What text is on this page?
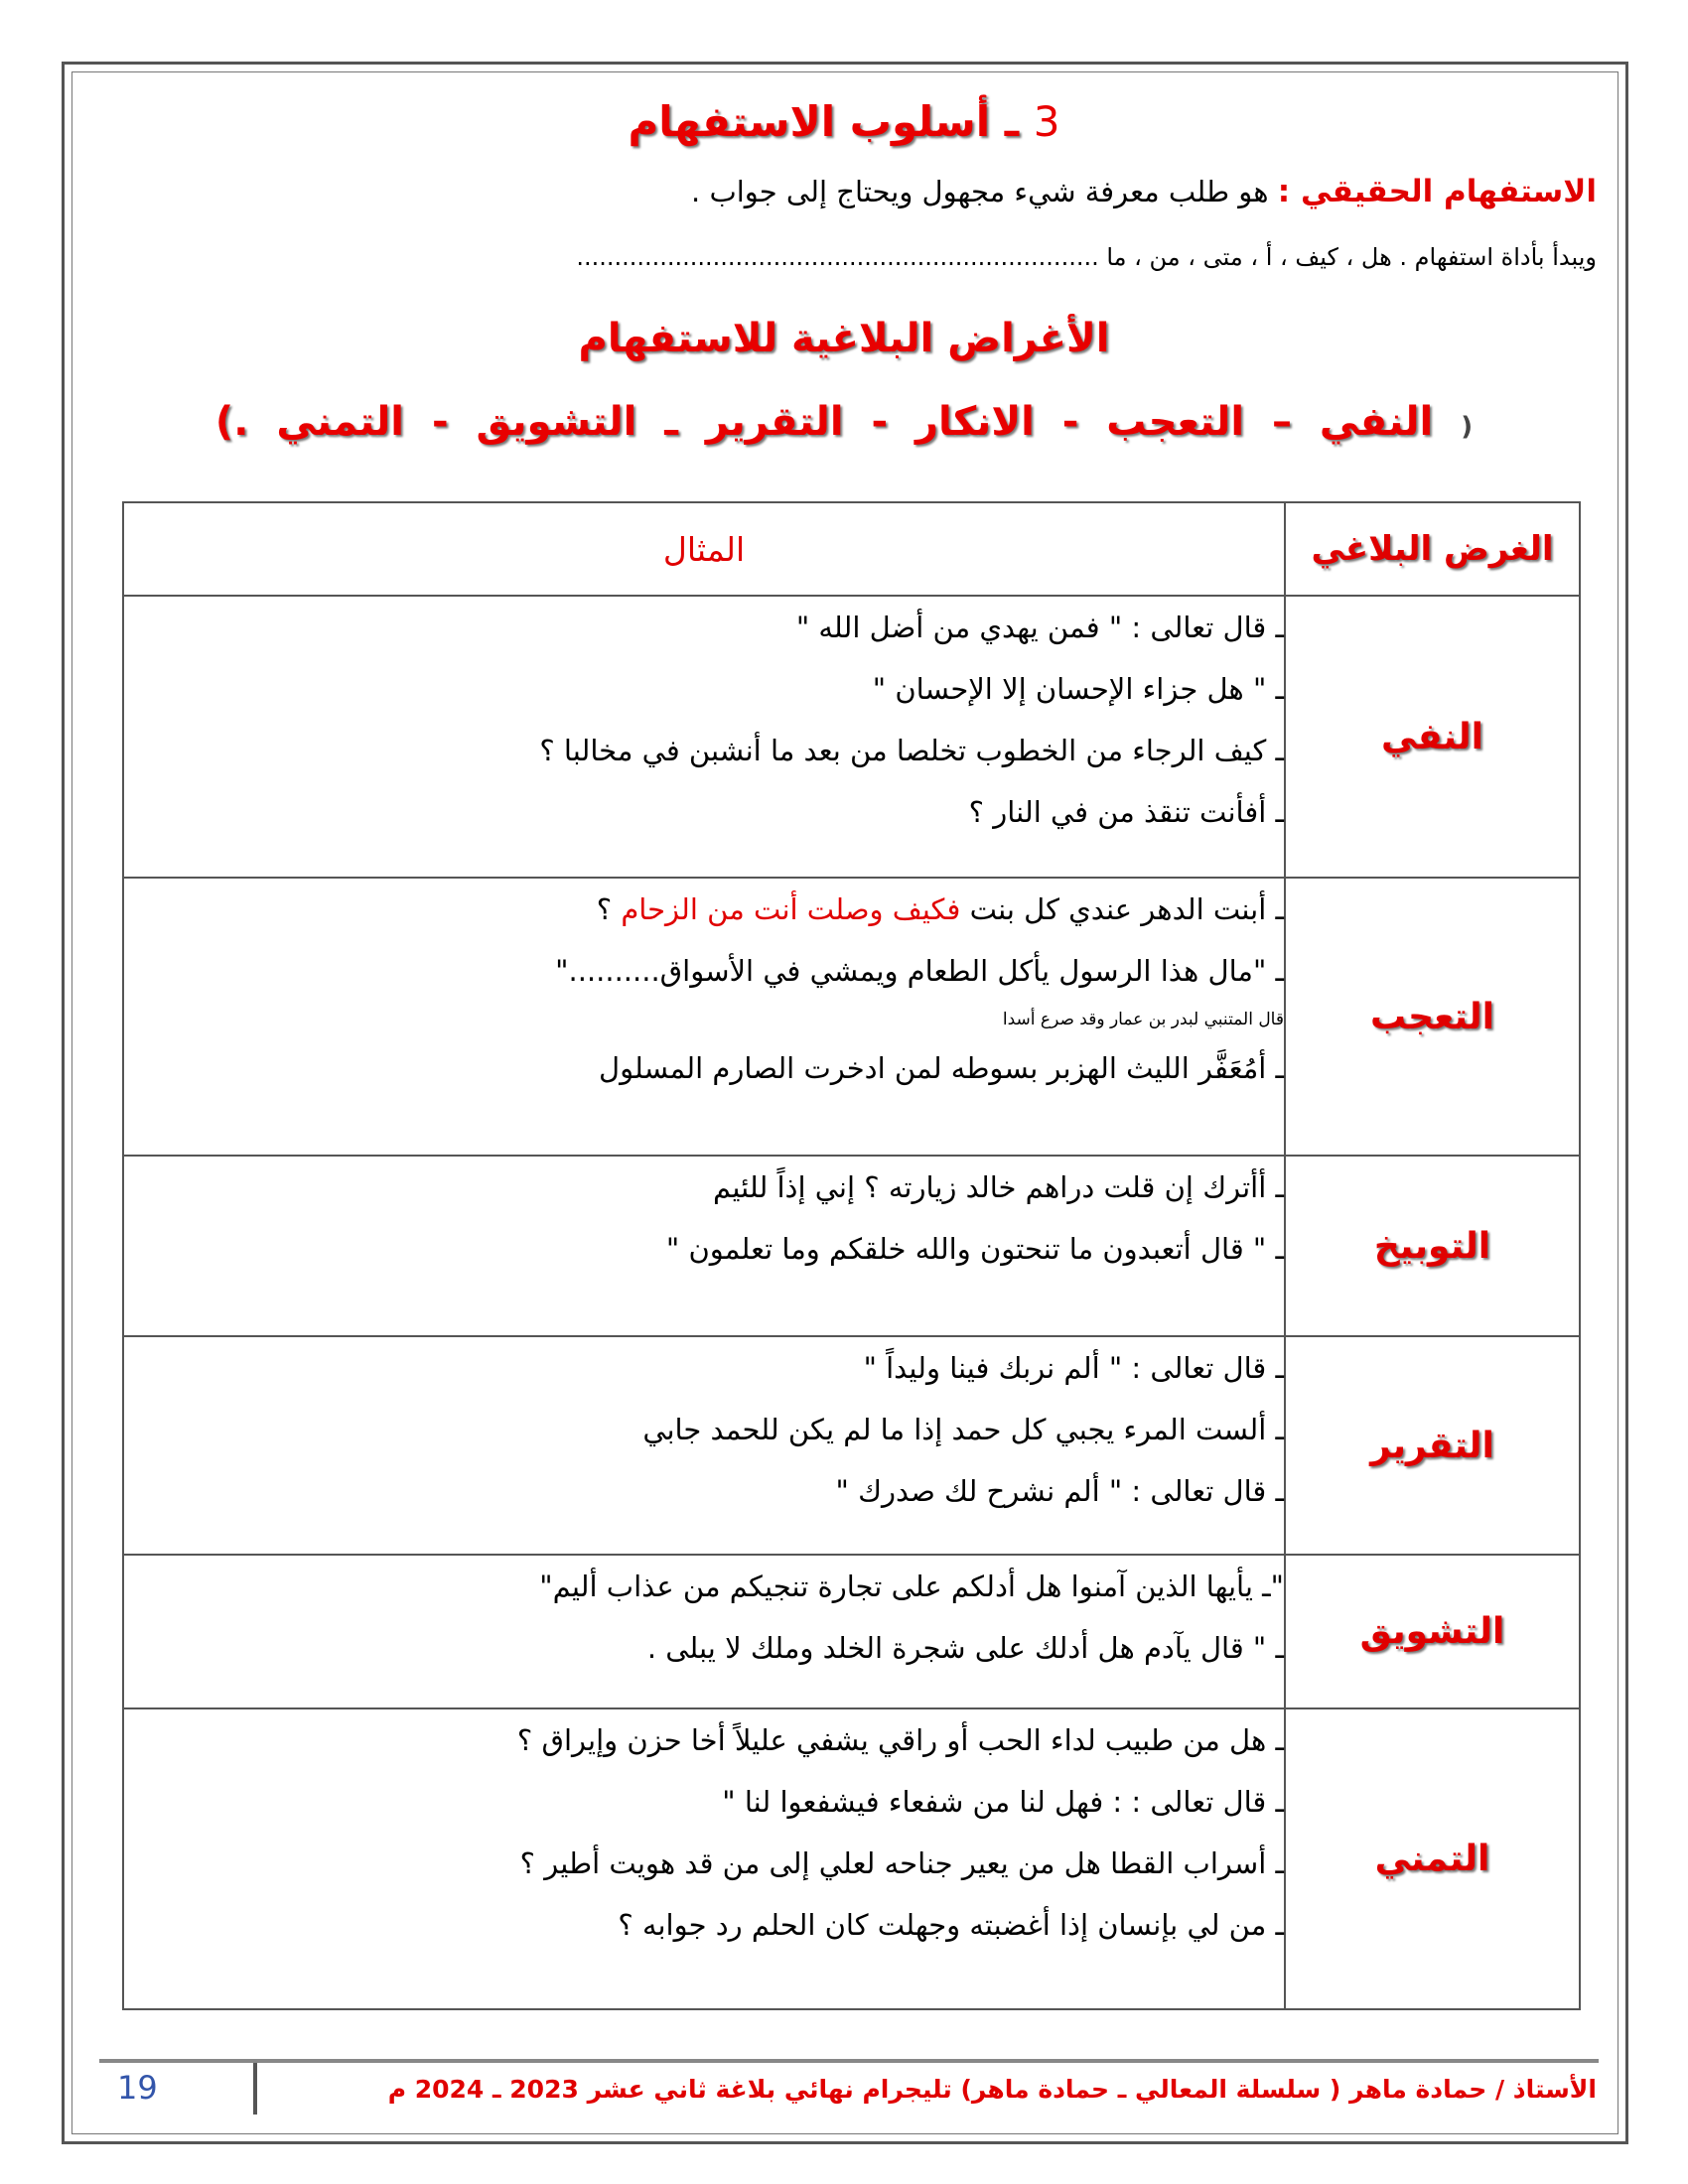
3 ـ أسلوب الاستفهام
الاستفهام الحقيقي : هو طلب معرفة شيء مجهول ويحتاج إلى جواب .
ويبدأ بأداة استفهام . هل ، كيف ، أ ، متى ، من ، ما .....................................................................
الأغراض البلاغية للاستفهام
( النفي – التعجب - الانكار - التقرير ـ التشويق - التمني .)
الغرض البلاغي	المثال
النفي	ـ قال تعالى : " فمن يهدي من أضل الله "
ـ " هل جزاء الإحسان إلا الإحسان "
ـ كيف الرجاء من الخطوب تخلصا من بعد ما أنشبن في مخالبا ؟
ـ أفأنت تنقذ من في النار ؟

التعجب	ـ أبنت الدهر عندي كل بنت فكيف وصلت أنت من الزحام ؟
ـ "مال هذا الرسول يأكل الطعام ويمشي في الأسواق.........."
قال المتنبي لبدر بن عمار وقد صرع أسدا
ـ أمُعَفَّر الليث الهزبر بسوطه لمن ادخرت الصارم المسلول

التوبيخ	ـ أأترك إن قلت دراهم خالد زيارته ؟ إني إذاً للئيم
ـ " قال أتعبدون ما تنحتون والله خلقكم وما تعلمون "

التقرير	ـ قال تعالى : " ألم نربك فينا وليداً "
ـ ألست المرء يجبي كل حمد إذا ما لم يكن للحمد جابي
ـ قال تعالى : " ألم نشرح لك صدرك "

التشويق	"ـ يأيها الذين آمنوا هل أدلكم على تجارة تنجيكم من عذاب أليم"
ـ " قال يآدم هل أدلك على شجرة الخلد وملك لا يبلى .

التمني	ـ هل من طبيب لداء الحب أو راقي يشفي عليلاً أخا حزن وإيراق ؟
ـ قال تعالى : : فهل لنا من شفعاء فيشفعوا لنا "
ـ أسراب القطا هل من يعير جناحه لعلي إلى من قد هويت أطير ؟
ـ من لي بإنسان إذا أغضبته وجهلت كان الحلم رد جوابه ؟
الأستاذ / حمادة ماهر ( سلسلة المعالي ـ حمادة ماهر) تليجرام نهائي بلاغة ثاني عشر 2023 ـ 2024 م
19
